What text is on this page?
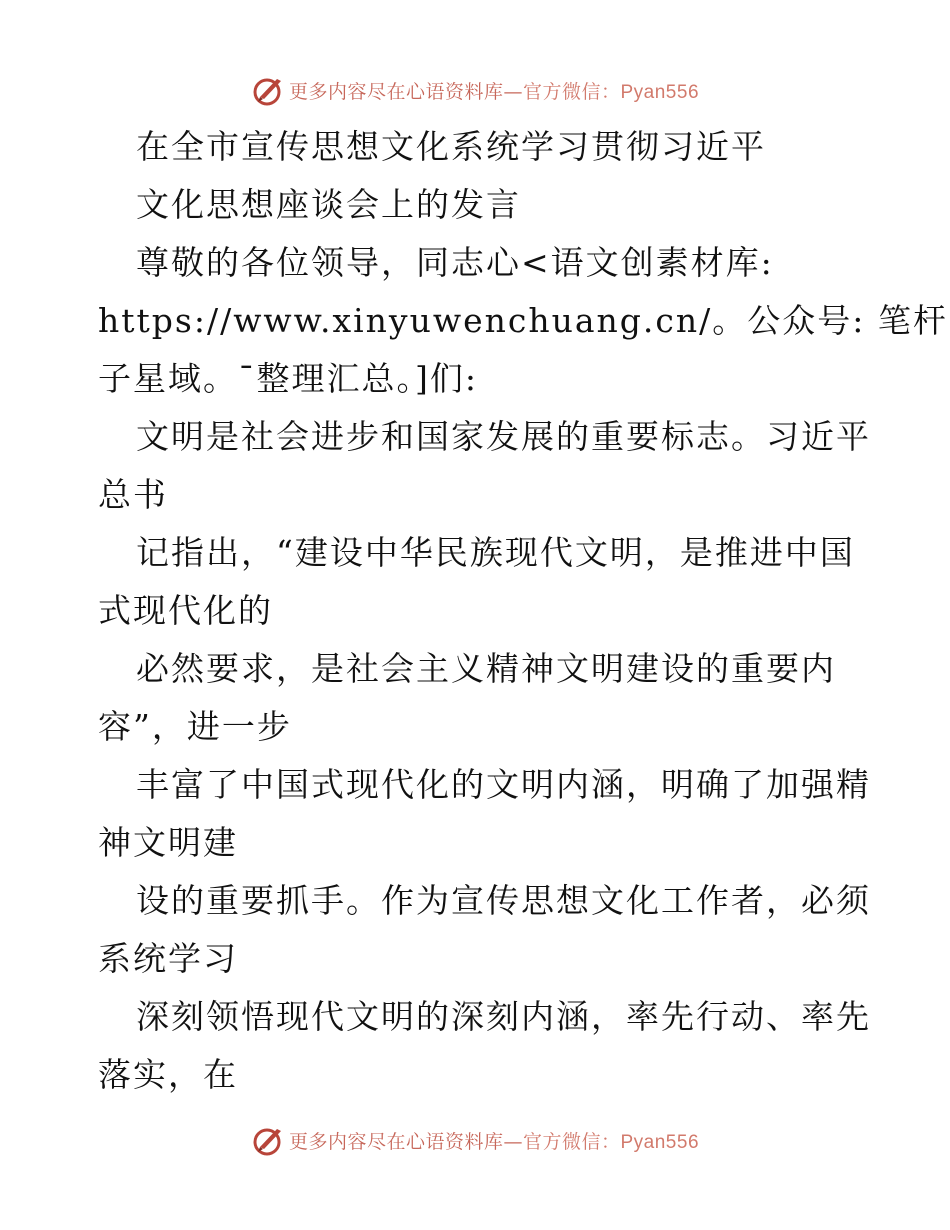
更多内容尽在心语资料库—官方微信：Pyan556
在全市宣传思想文化系统学习贯彻习近平
文化思想座谈会上的发言
尊敬的各位领导，同志心<语文创素材库:
https://www.xinyuwenchuang.cn/。公众号: 笔杆
子星域。¯整理汇总。]们:
文明是社会进步和国家发展的重要标志。习近平
总书
记指出，“建设中华民族现代文明，是推进中国
式现代化的
必然要求，是社会主义精神文明建设的重要内
容”，进一步
丰富了中国式现代化的文明内涵，明确了加强精
神文明建
设的重要抓手。作为宣传思想文化工作者，必须
系统学习
深刻领悟现代文明的深刻内涵，率先行动、率先
落实，在
更多内容尽在心语资料库—官方微信：Pyan556
